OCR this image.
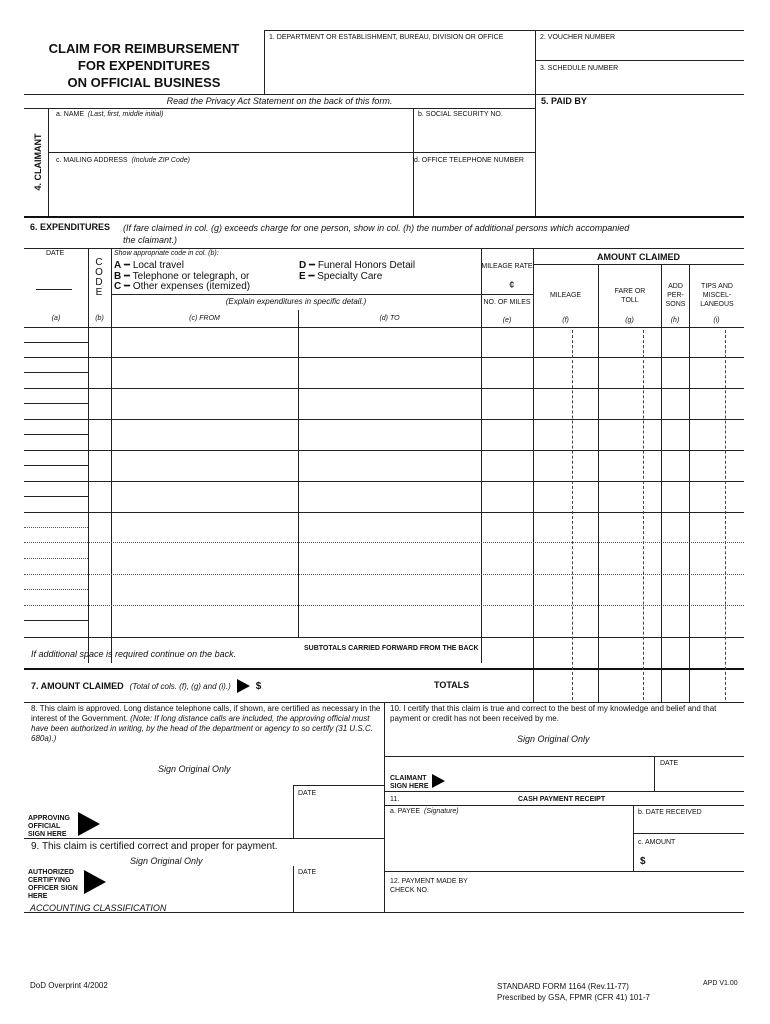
CLAIM FOR REIMBURSEMENT
FOR EXPENDITURES
ON OFFICIAL BUSINESS
1. DEPARTMENT OR ESTABLISHMENT, BUREAU, DIVISION OR OFFICE	2. VOUCHER NUMBER
3. SCHEDULE NUMBER
Read the Privacy Act Statement on the back of this form.	5. PAID BY
4. CLAIMANT
a. NAME (Last, first, middle initial)	b. SOCIAL SECURITY NO.
c. MAILING ADDRESS (Include ZIP Code)	d. OFFICE TELEPHONE NUMBER
6. EXPENDITURES (If fare claimed in col. (g) exceeds charge for one person, show in col. (h) the number of additional persons which accompanied
the claimant.)
DATE
C
O
D
E
Show appropriate code in col. (b):
A ━ Local travel
B ━ Telephone or telegraph, or
C ━ Other expenses (itemized)
D ━ Funeral Honors Detail
E ━ Specialty Care
(Explain expenditures in specific detail.)
MILEAGE RATE
¢
NO. OF MILES
AMOUNT CLAIMED
MILEAGE
FARE OR TOLL
ADD PER- SONS
TIPS AND MISCEL- LANEOUS
(a)	(b)	(c) FROM	(d) TO	(e)	(f)	(g)	(h)	(i)
If additional space is required continue on the back.
SUBTOTALS CARRIED FORWARD FROM THE BACK
7. AMOUNT CLAIMED (Total of cols. (f), (g) and (i).)	$	TOTALS
8. This claim is approved. Long distance telephone calls, if shown, are certified as necessary in the interest of the Government. (Note: If long distance calls are included, the approving official must have been authorized in writing, by the head of the department or agency to so certify (31 U.S.C. 680a).)
Sign Original Only
DATE
APPROVING OFFICIAL SIGN HERE
9. This claim is certified correct and proper for payment.
Sign Original Only
DATE
AUTHORIZED CERTIFYING OFFICER SIGN HERE
10. I certify that this claim is true and correct to the best of my knowledge and belief and that payment or credit has not been received by me.
Sign Original Only
DATE
CLAIMANT SIGN HERE
11.	CASH PAYMENT RECEIPT
a. PAYEE (Signature)	b. DATE RECEIVED
c. AMOUNT
$
12. PAYMENT MADE BY CHECK NO.
ACCOUNTING CLASSIFICATION
DoD Overprint 4/2002	STANDARD FORM 1164 (Rev.11-77)
Prescribed by GSA, FPMR (CFR 41) 101-7
APD V1.00
